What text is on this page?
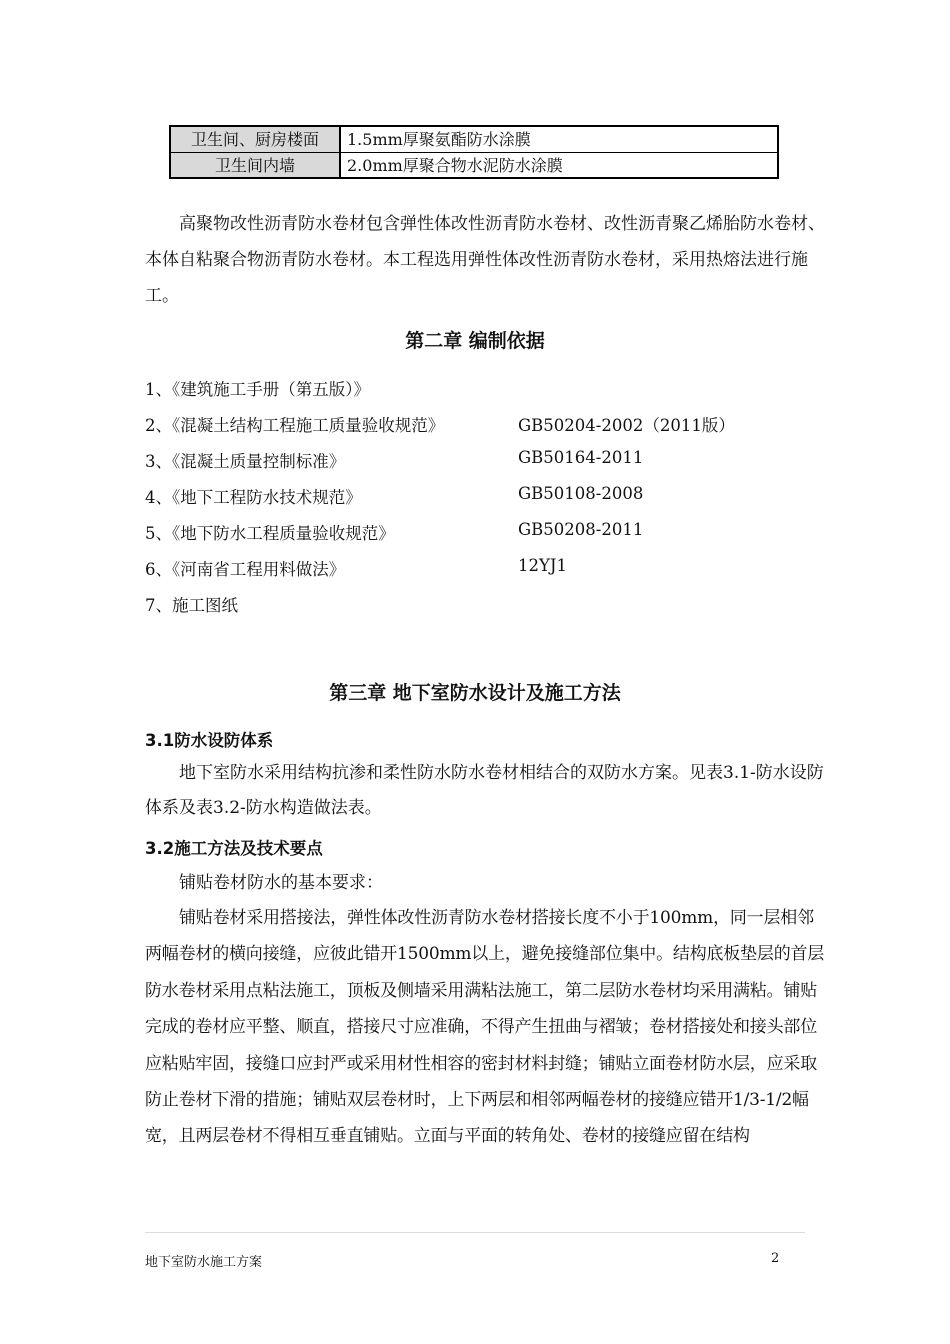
卫生间、厨房楼面	1.5mm厚聚氨酯防水涂膜
卫生间内墙	2.0mm厚聚合物水泥防水涂膜
高聚物改性沥青防水卷材包含弹性体改性沥青防水卷材、改性沥青聚乙烯胎防水卷材、本体自粘聚合物沥青防水卷材。本工程选用弹性体改性沥青防水卷材，采用热熔法进行施工。
第二章 编制依据
1、《建筑施工手册（第五版）》
2、《混凝土结构工程施工质量验收规范》	GB50204-2002（2011版）
3、《混凝土质量控制标准》	GB50164-2011
4、《地下工程防水技术规范》	GB50108-2008
5、《地下防水工程质量验收规范》	GB50208-2011
6、《河南省工程用料做法》	12YJ1
7、施工图纸
第三章 地下室防水设计及施工方法
3.1防水设防体系
地下室防水采用结构抗渗和柔性防水防水卷材相结合的双防水方案。见表3.1-防水设防体系及表3.2-防水构造做法表。
3.2施工方法及技术要点
铺贴卷材防水的基本要求：
铺贴卷材采用搭接法，弹性体改性沥青防水卷材搭接长度不小于100mm，同一层相邻两幅卷材的横向接缝，应彼此错开1500mm以上，避免接缝部位集中。结构底板垫层的首层防水卷材采用点粘法施工，顶板及侧墙采用满粘法施工，第二层防水卷材均采用满粘。铺贴完成的卷材应平整、顺直，搭接尺寸应准确，不得产生扭曲与褶皱；卷材搭接处和接头部位应粘贴牢固，接缝口应封严或采用材性相容的密封材料封缝；铺贴立面卷材防水层，应采取防止卷材下滑的措施；铺贴双层卷材时，上下两层和相邻两幅卷材的接缝应错开1/3-1/2幅宽，且两层卷材不得相互垂直铺贴。立面与平面的转角处、卷材的接缝应留在结构
地下室防水施工方案	2
